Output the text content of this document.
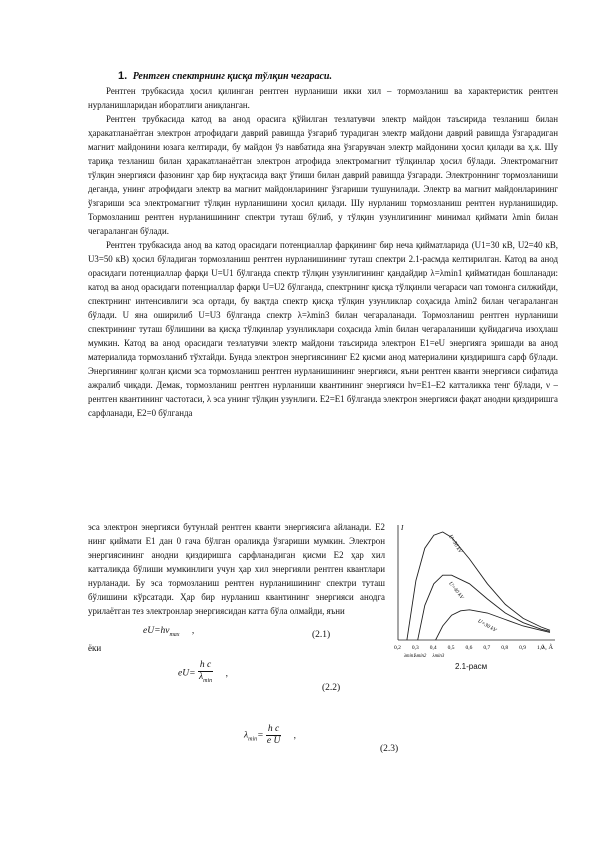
1. Рентген спектрнинг қисқа тўлқин чегараси.

Рентген трубкасида ҳосил қилинган рентген нурланиши икки хил – тормозланиш ва характеристик рентген нурланишларидан иборатлиги аниқланган.

Рентген трубкасида катод ва анод орасига қўйилган тезлатувчи электр майдон таъсирида тезланиш билан ҳаракатланаётган электрон атрофидаги даврий равишда ўзгариб турадиган электр майдони даврий равишда ўзгарадиган магнит майдонини юзага келтиради, бу майдон ўз навбатида яна ўзгарувчан электр майдонини ҳосил қилади ва ҳ.к. Шу тариқа тезланиш билан ҳаракатланаётган электрон атрофида электромагнит тўлқинлар ҳосил бўлади. Электромагнит тўлқин энергияси фазонинг ҳар бир нуқтасида вақт ўтиши билан даврий равишда ўзгаради. Электроннинг тормозланиши деганда, унинг атрофидаги электр ва магнит майдонларининг ўзгариши тушунилади. Электр ва магнит майдонларининг ўзгариши эса электромагнит тўлқин нурланишини ҳосил қилади. Шу нурланиш тормозланиш рентген нурланишидир. Тормозланиш рентген нурланишининг спектри туташ бўлиб, у тўлқин узунлигининг минимал қиймати λmin билан чегараланган бўлади.

Рентген трубкасида анод ва катод орасидаги потенциаллар фарқининг бир неча қийматларида (U1=30 кВ, U2=40 кВ, U3=50 кВ) ҳосил бўладиган тормозланиш рентген нурланишининг туташ спектри 2.1-расмда келтирилган. Катод ва анод орасидаги потенциаллар фарқи U=U1 бўлганда спектр тўлқин узунлигининг қандайдир λ=λmin1 қийматидан бошланади: катод ва анод орасидаги потенциаллар фарқи U=U2 бўлганда, спектрнинг қисқа тўлқинли чегараси чап томонга силжийди, спектрнинг интенсивлиги эса ортади, бу вақтда спектр қисқа тўлқин узунликлар соҳасида λmin2 билан чегараланган бўлади. U яна оширилиб U=U3 бўлганда спектр λ=λmin3 билан чегараланади. Тормозланиш рентген нурланиши спектрининг туташ бўлишини ва қисқа тўлқинлар узунликлари соҳасида λmin билан чегараланиши қуйидагича изоҳлаш мумкин. Катод ва анод орасидаги тезлатувчи электр майдони таъсирида электрон E1=eU энергияга эришади ва анод материалида тормозланиб тўхтайди. Бунда электрон энергиясининг E2 қисми анод материалини қиздиришга сарф бўлади. Энергиянинг қолган қисми эса тормозланиш рентген нурланишининг энергияси, яъни рентген кванти энергияси сифатида ажралиб чиқади. Демак, тормозланиш рентген нурланиши квантининг энергияси hν=E1–E2 катталикка тенг бўлади, ν – рентген квантининг частотаси, λ эса унинг тўлқин узунлиги. E2=E1 бўлганда электрон энергияси фақат анодни қиздиришга сарфланади, E2=0 бўлганда

эса электрон энергияси бутунлай рентген кванти энергиясига айланади. E2 нинг қиймати E1 дан 0 гача бўлган оралиқда ўзгариши мумкин. Электрон энергиясининг анодни қиздиришга сарфланадиган қисми E2 ҳар хил катталикда бўлиши мумкинлиги учун ҳар хил энергияли рентген квантлари нурланади. Бу эса тормозланиш рентген нурланишининг спектри туташ бўлишини кўрсатади. Ҳар бир нурланиш квантининг энергияси анодга урилаётган тез электронлар энергиясидан катта бўла олмайди, яъни

$eU=h\nu_{max}$ ,	(2.1)
ёки
$eU= \frac{\text{h c}}{\lambda_{min}}$ ,
(2.2)
$\lambda_{min}= \frac{\text{h c}}{\text{e U}}$ ,
(2.3)
I
0,2 0,3 0,4 0,5 0,6 0,7 0,8 0,9 1,0
U=50 kV
λmin1
U=40 kV
λmin2
U=30 kV
λmin3
λ, Å
2.1-расм
